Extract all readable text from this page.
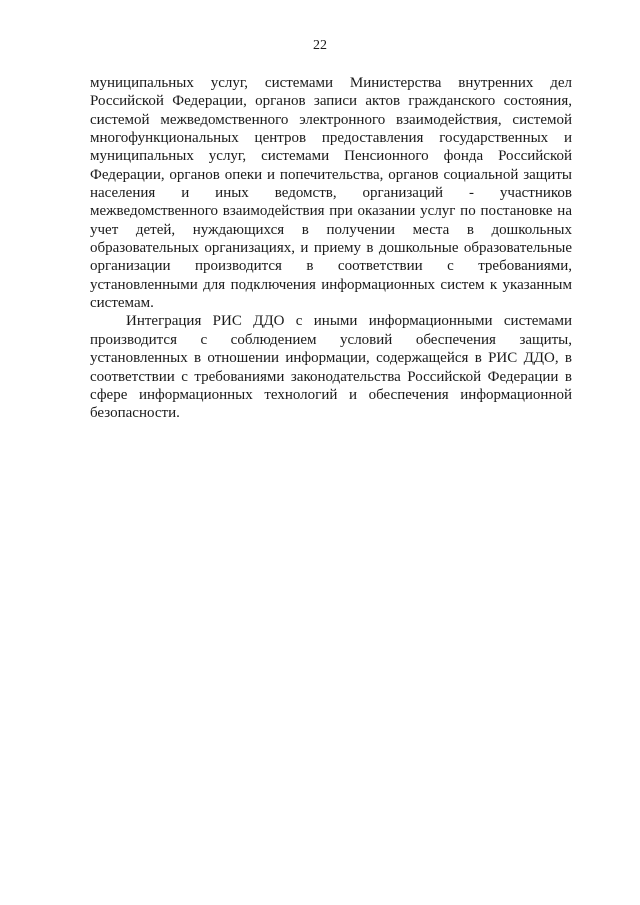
22
муниципальных услуг, системами Министерства внутренних дел
Российской Федерации, органов записи актов гражданского состояния,
системой межведомственного электронного взаимодействия, системой
многофункциональных центров предоставления государственных и
муниципальных услуг, системами Пенсионного фонда Российской
Федерации, органов опеки и попечительства, органов социальной защиты
населения и иных ведомств, организаций - участников
межведомственного взаимодействия при оказании услуг по постановке на
учет детей, нуждающихся в получении места в дошкольных
образовательных организациях, и приему в дошкольные образовательные
организации производится в соответствии с требованиями,
установленными для подключения информационных систем к указанным
системам.
Интеграция РИС ДДО с иными информационными системами
производится с соблюдением условий обеспечения защиты,
установленных в отношении информации, содержащейся в РИС ДДО, в
соответствии с требованиями законодательства Российской Федерации в
сфере информационных технологий и обеспечения информационной
безопасности.
